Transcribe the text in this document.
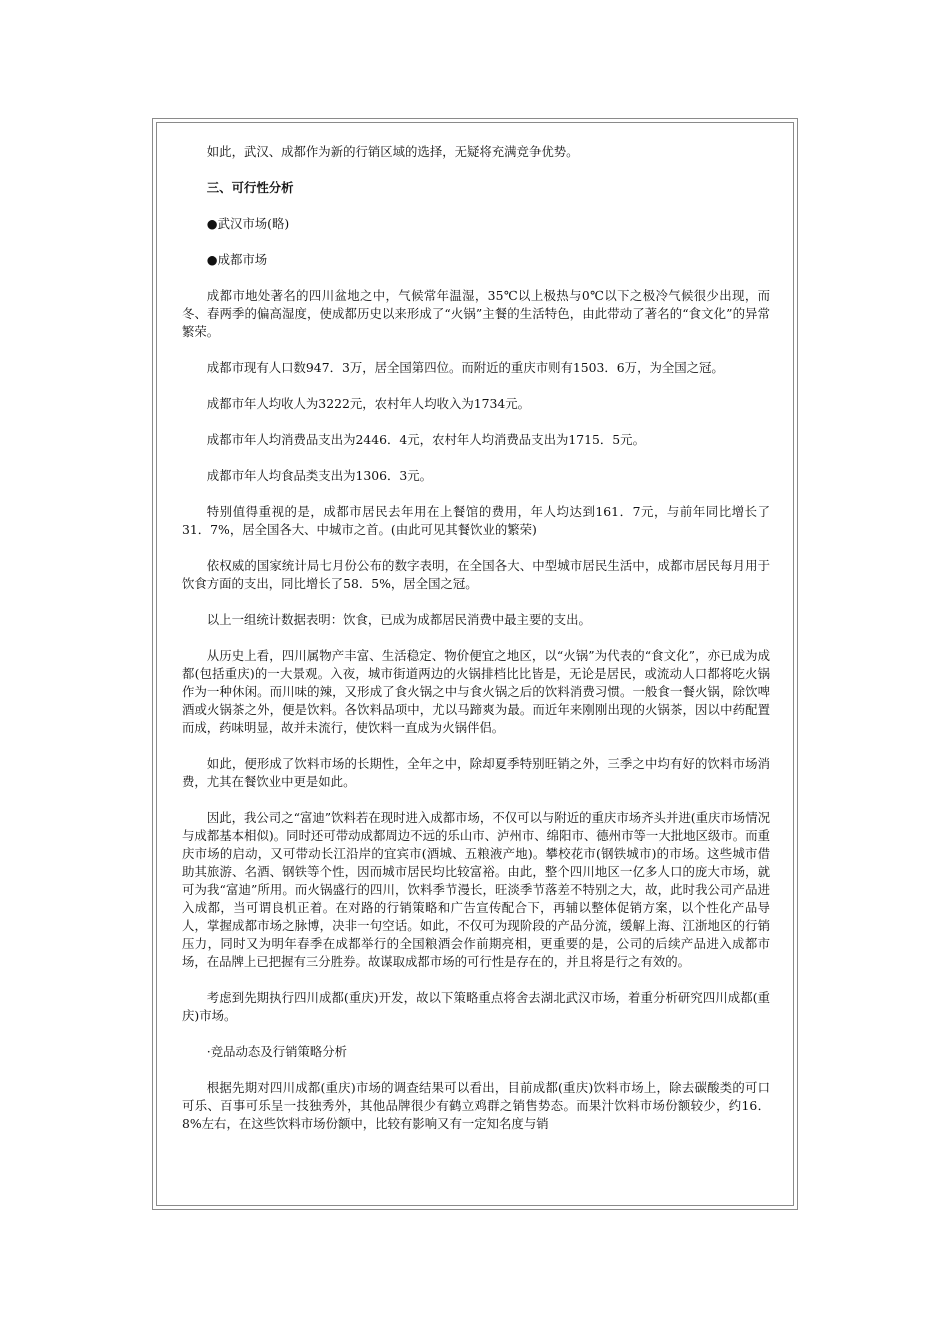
如此，武汉、成都作为新的行销区域的选择，无疑将充满竞争优势。

三、可行性分析

●武汉市场(略)

●成都市场

成都市地处著名的四川盆地之中，气候常年温湿，35℃以上极热与0℃以下之极冷气候很少出现，而冬、春两季的偏高湿度，使成都历史以来形成了“火锅”主餐的生活特色，由此带动了著名的“食文化”的异常繁荣。

成都市现有人口数947．3万，居全国第四位。而附近的重庆市则有1503．6万，为全国之冠。

成都市年人均收人为3222元，农村年人均收入为1734元。

成都市年人均消费品支出为2446．4元，农村年人均消费品支出为1715．5元。

成都市年人均食品类支出为1306．3元。

特别值得重视的是，成都市居民去年用在上餐馆的费用，年人均达到161．7元，与前年同比增长了31．7%，居全国各大、中城市之首。(由此可见其餐饮业的繁荣)

依权威的国家统计局七月份公布的数字表明，在全国各大、中型城市居民生活中，成都市居民每月用于饮食方面的支出，同比增长了58．5%，居全国之冠。

以上一组统计数据表明：饮食，已成为成都居民消费中最主要的支出。

从历史上看，四川属物产丰富、生活稳定、物价便宜之地区，以“火锅”为代表的“食文化”，亦已成为成都(包括重庆)的一大景观。入夜，城市街道两边的火锅排档比比皆是，无论是居民，或流动人口都将吃火锅作为一种休闲。而川味的辣，又形成了食火锅之中与食火锅之后的饮料消费习惯。一般食一餐火锅，除饮啤酒或火锅茶之外，便是饮料。各饮料品项中，尤以马蹄爽为最。而近年来刚刚出现的火锅茶，因以中药配置而成，药味明显，故并未流行，使饮料一直成为火锅伴侣。

如此，便形成了饮料市场的长期性，全年之中，除却夏季特别旺销之外，三季之中均有好的饮料市场消费，尤其在餐饮业中更是如此。

因此，我公司之“富迪”饮料若在现时进入成都市场，不仅可以与附近的重庆市场齐头并进(重庆市场情况与成都基本相似)。同时还可带动成都周边不远的乐山市、泸州市、绵阳市、德州市等一大批地区级市。而重庆市场的启动，又可带动长江沿岸的宜宾市(酒城、五粮液产地)。攀校花市(钢铁城市)的市场。这些城市借助其旅游、名酒、钢铁等个性，因而城市居民均比较富裕。由此，整个四川地区一亿多人口的庞大市场，就可为我“富迪”所用。而火锅盛行的四川，饮料季节漫长，旺淡季节落差不特别之大，故，此时我公司产品进入成都，当可谓良机正着。在对路的行销策略和广告宣传配合下，再辅以整体促销方案，以个性化产品导人，掌握成都市场之脉博，决非一句空话。如此，不仅可为现阶段的产品分流，缓解上海、江浙地区的行销压力，同时又为明年春季在成都举行的全国粮酒会作前期亮相，更重要的是，公司的后续产品进入成都市场，在品牌上已把握有三分胜券。故谋取成都市场的可行性是存在的，并且将是行之有效的。

考虑到先期执行四川成都(重庆)开发，故以下策略重点将舍去湖北武汉市场，着重分析研究四川成都(重庆)市场。

·竞品动态及行销策略分析

根据先期对四川成都(重庆)市场的调查结果可以看出，目前成都(重庆)饮料市场上，除去碳酸类的可口可乐、百事可乐呈一技独秀外，其他品牌很少有鹤立鸡群之销售势态。而果汁饮料市场份额较少，约16．8%左右，在这些饮料市场份额中，比较有影响又有一定知名度与销
